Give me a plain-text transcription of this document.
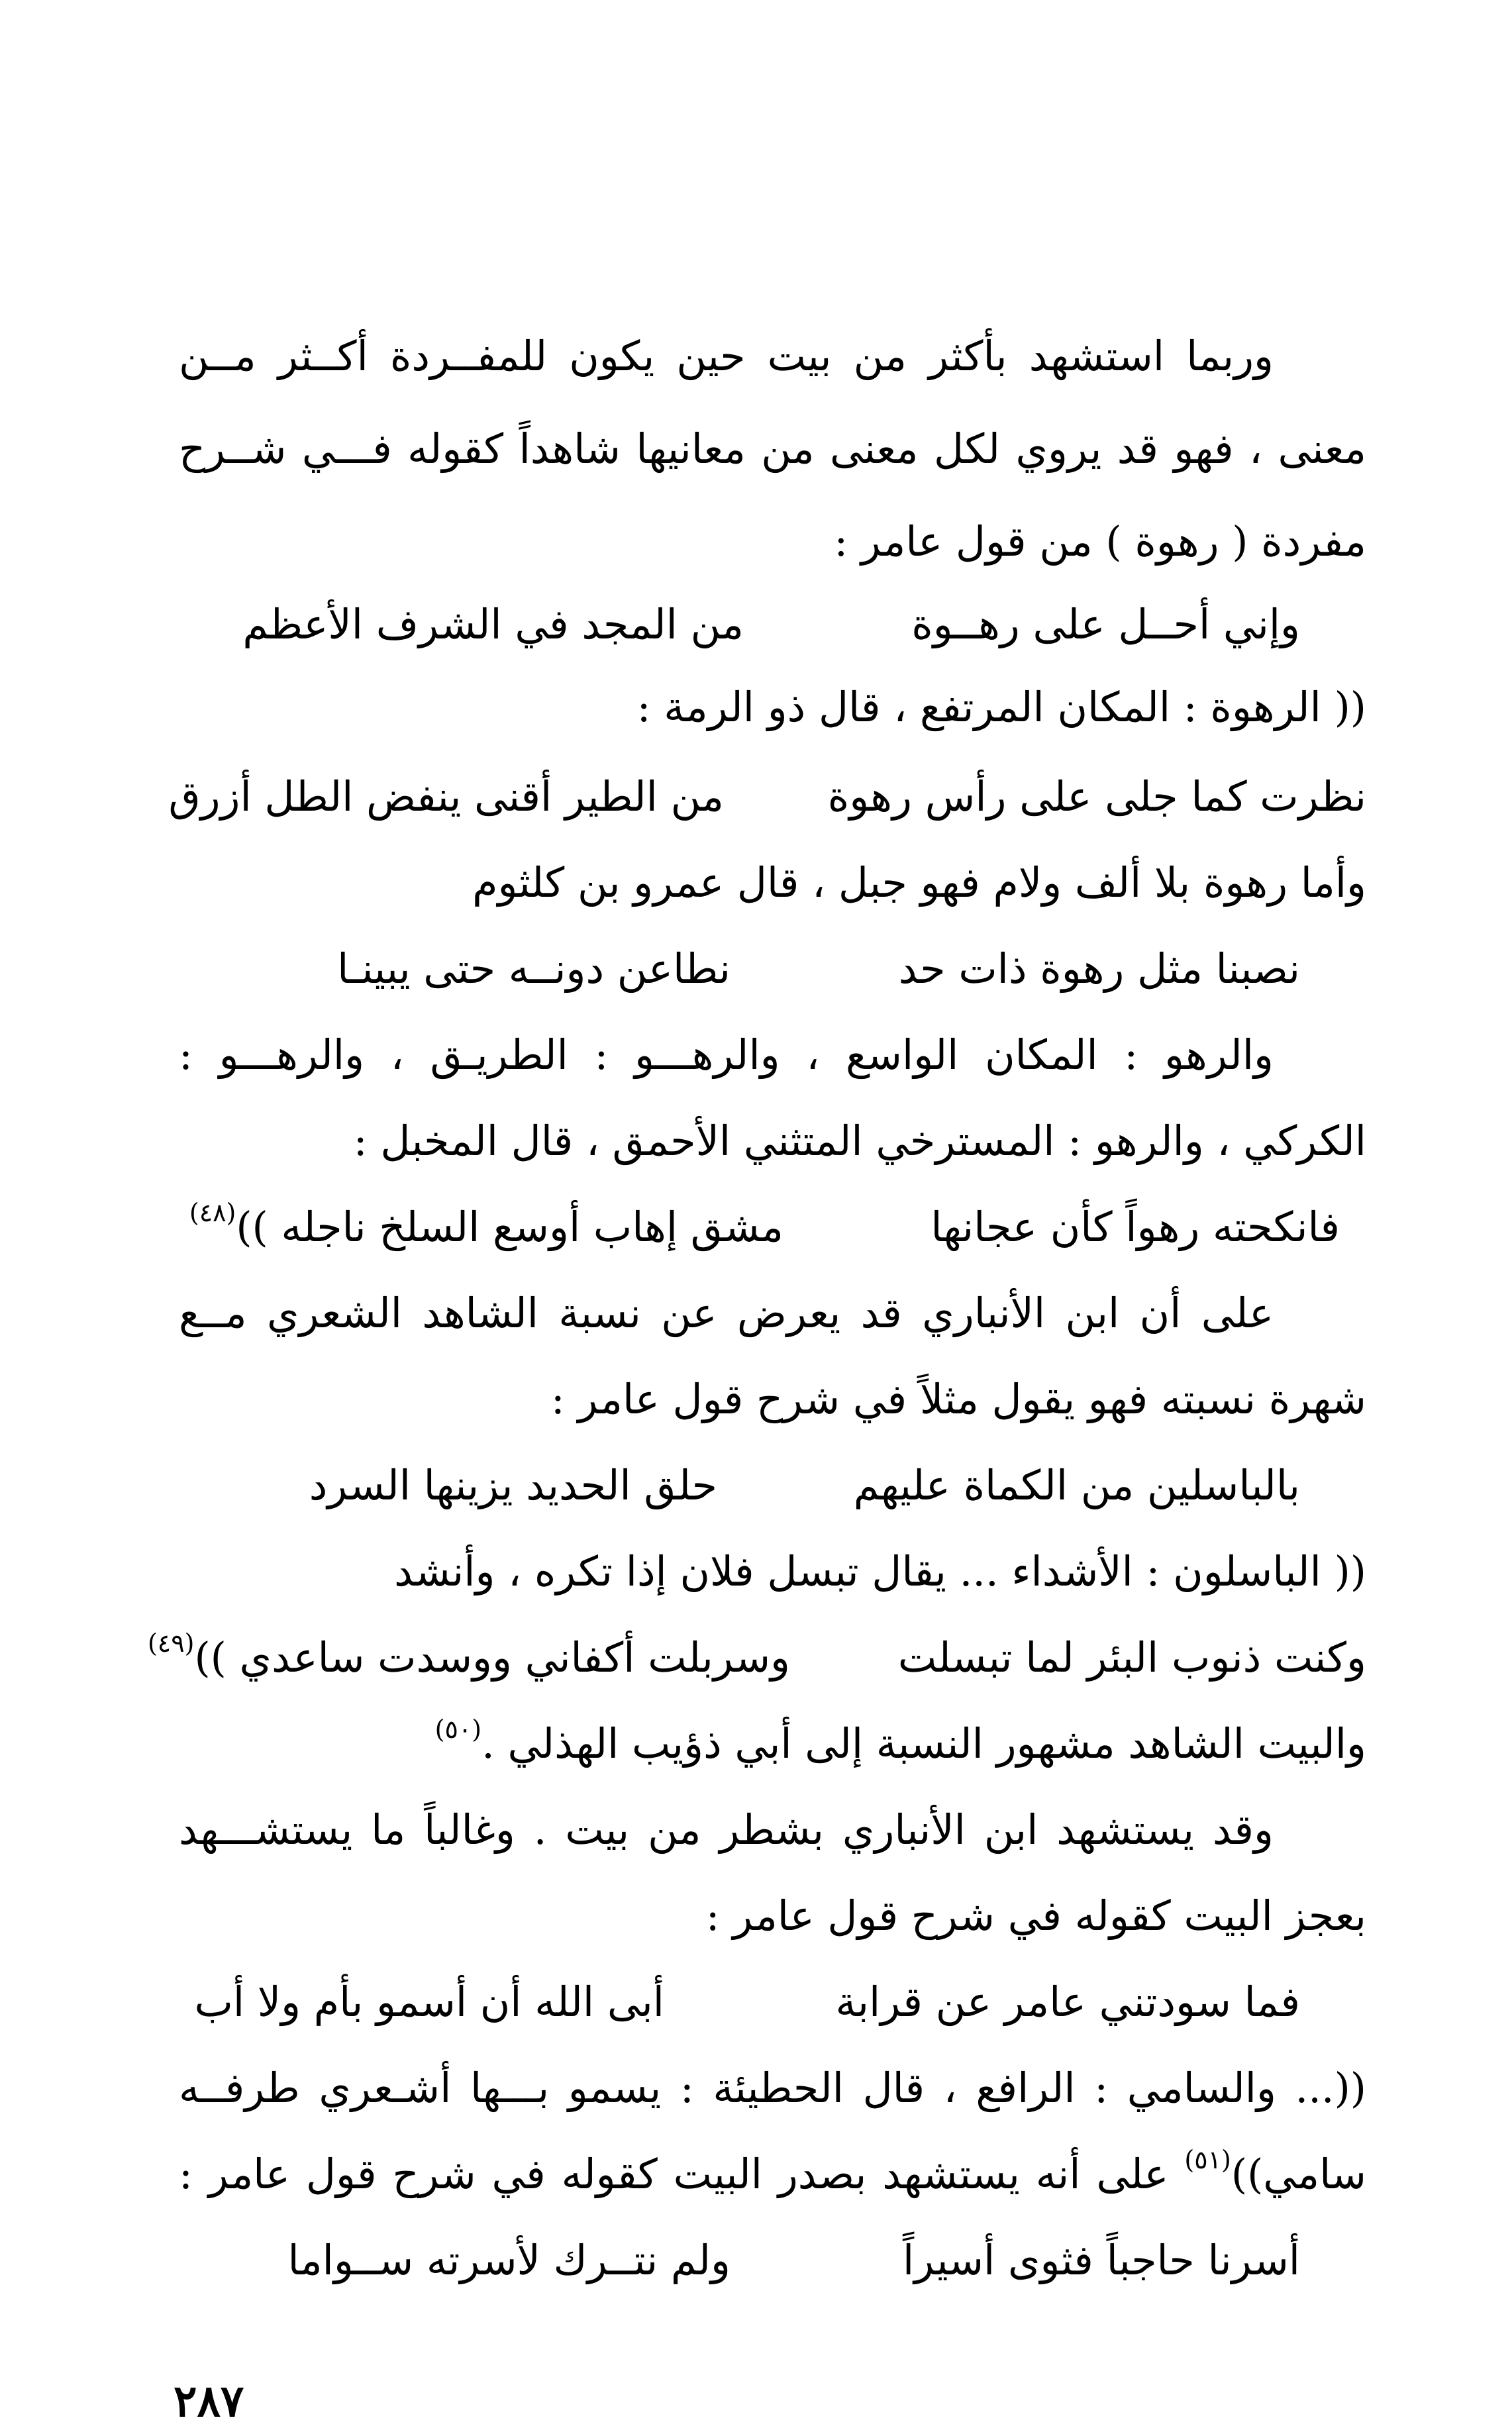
وربما استشهد بأكثر من بيت حين يكون للمفــردة أكــثر مــن
معنى ، فهو قد يروي لكل معنى من معانيها شاهداً كقوله فـــي شــرح
مفردة ( رهوة ) من قول عامر :
وإني أحــل على رهــوة
من المجد في الشرف الأعظم
(( الرهوة : المكان المرتفع ، قال ذو الرمة :
نظرت كما جلى على رأس رهوة
من الطير أقنى ينفض الطل أزرق
وأما رهوة بلا ألف ولام فهو جبل ، قال عمرو بن كلثوم
نصبنا مثل رهوة ذات حد
نطاعن دونــه حتى يبينـا
والرهو : المكان الواسع ، والرهـــو : الطريـق ، والرهـــو :
الكركي ، والرهو : المسترخي المتثني الأحمق ، قال المخبل :
فانكحته رهواً كأن عجانها
مشق إهاب أوسع السلخ ناجله ))$^{(٤٨)}$
على أن ابن الأنباري قد يعرض عن نسبة الشاهد الشعري مــع
شهرة نسبته فهو يقول مثلاً في شرح قول عامر :
بالباسلين من الكماة عليهم
حلق الحديد يزينها السرد
(( الباسلون : الأشداء ... يقال تبسل فلان إذا تكره ، وأنشد
وكنت ذنوب البئر لما تبسلت
وسربلت أكفاني ووسدت ساعدي ))$^{(٤٩)}$
والبيت الشاهد مشهور النسبة إلى أبي ذؤيب الهذلي .$^{(٥٠)}$
وقد يستشهد ابن الأنباري بشطر من بيت . وغالباً ما يستشـــهد
بعجز البيت كقوله في شرح قول عامر :
فما سودتني عامر عن قرابة
أبى الله أن أسمو بأم ولا أب
((... والسامي : الرافع ، قال الحطيئة : يسمو بـــها أشـعري طرفــه
سامي))$^{(٥١)}$ على أنه يستشهد بصدر البيت كقوله في شرح قول عامر :
أسرنا حاجباً فثوى أسيراً
ولم نتــرك لأسرته ســواما
٢٨٧
